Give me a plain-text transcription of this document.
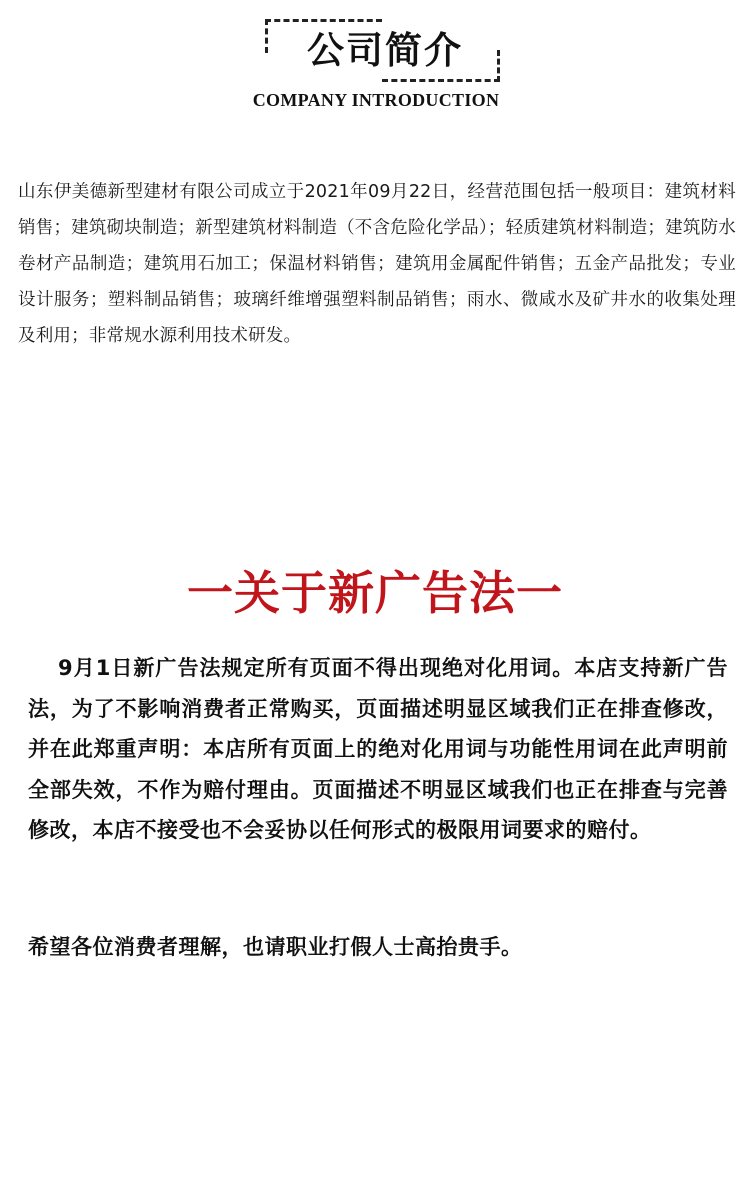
公司简介
COMPANY INTRODUCTION

山东伊美德新型建材有限公司成立于2021年09月22日，经营范围包括一般项目：建筑材料销售；建筑砌块制造；新型建筑材料制造（不含危险化学品）；轻质建筑材料制造；建筑防水卷材产品制造；建筑用石加工；保温材料销售；建筑用金属配件销售；五金产品批发；专业设计服务；塑料制品销售；玻璃纤维增强塑料制品销售；雨水、微咸水及矿井水的收集处理及利用；非常规水源利用技术研发。

一关于新广告法一

9月1日新广告法规定所有页面不得出现绝对化用词。本店支持新广告法，为了不影响消费者正常购买，页面描述明显区域我们正在排查修改，并在此郑重声明：本店所有页面上的绝对化用词与功能性用词在此声明前全部失效，不作为赔付理由。页面描述不明显区域我们也正在排查与完善修改，本店不接受也不会妥协以任何形式的极限用词要求的赔付。

希望各位消费者理解，也请职业打假人士高抬贵手。
